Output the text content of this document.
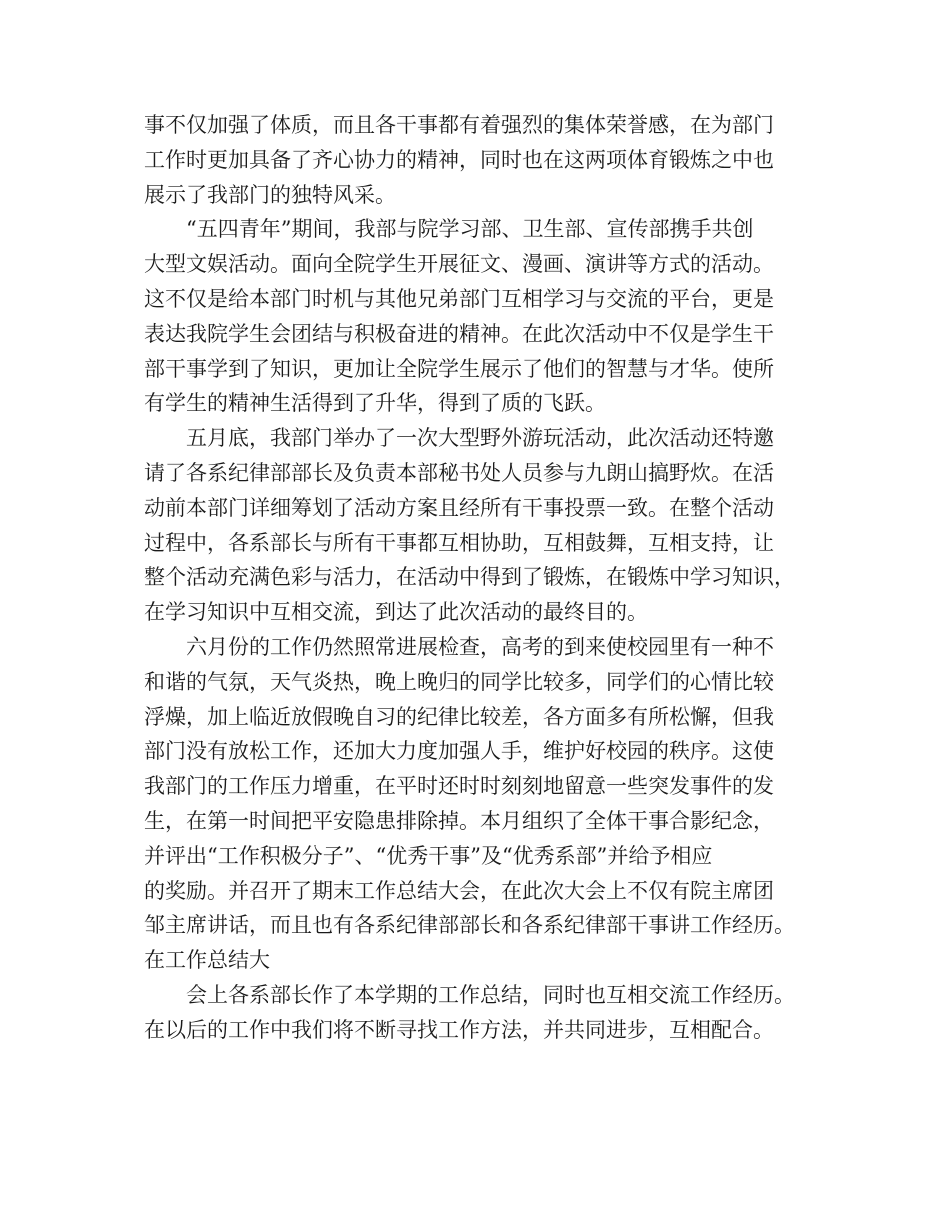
事不仅加强了体质，而且各干事都有着强烈的集体荣誉感，在为部门
工作时更加具备了齐心协力的精神，同时也在这两项体育锻炼之中也
展示了我部门的独特风采。
“五四青年”期间，我部与院学习部、卫生部、宣传部携手共创
大型文娱活动。面向全院学生开展征文、漫画、演讲等方式的活动。
这不仅是给本部门时机与其他兄弟部门互相学习与交流的平台，更是
表达我院学生会团结与积极奋进的精神。在此次活动中不仅是学生干
部干事学到了知识，更加让全院学生展示了他们的智慧与才华。使所
有学生的精神生活得到了升华，得到了质的飞跃。
五月底，我部门举办了一次大型野外游玩活动，此次活动还特邀
请了各系纪律部部长及负责本部秘书处人员参与九朗山搞野炊。在活
动前本部门详细筹划了活动方案且经所有干事投票一致。在整个活动
过程中，各系部长与所有干事都互相协助，互相鼓舞，互相支持，让
整个活动充满色彩与活力，在活动中得到了锻炼，在锻炼中学习知识，
在学习知识中互相交流，到达了此次活动的最终目的。
六月份的工作仍然照常进展检查，高考的到来使校园里有一种不
和谐的气氛，天气炎热，晚上晚归的同学比较多，同学们的心情比较
浮燥，加上临近放假晚自习的纪律比较差，各方面多有所松懈，但我
部门没有放松工作，还加大力度加强人手，维护好校园的秩序。这使
我部门的工作压力增重，在平时还时时刻刻地留意一些突发事件的发
生，在第一时间把平安隐患排除掉。本月组织了全体干事合影纪念，
并评出“工作积极分子”、“优秀干事”及“优秀系部”并给予相应
的奖励。并召开了期末工作总结大会，在此次大会上不仅有院主席团
邹主席讲话，而且也有各系纪律部部长和各系纪律部干事讲工作经历。
在工作总结大
会上各系部长作了本学期的工作总结，同时也互相交流工作经历。
在以后的工作中我们将不断寻找工作方法，并共同进步，互相配合。
